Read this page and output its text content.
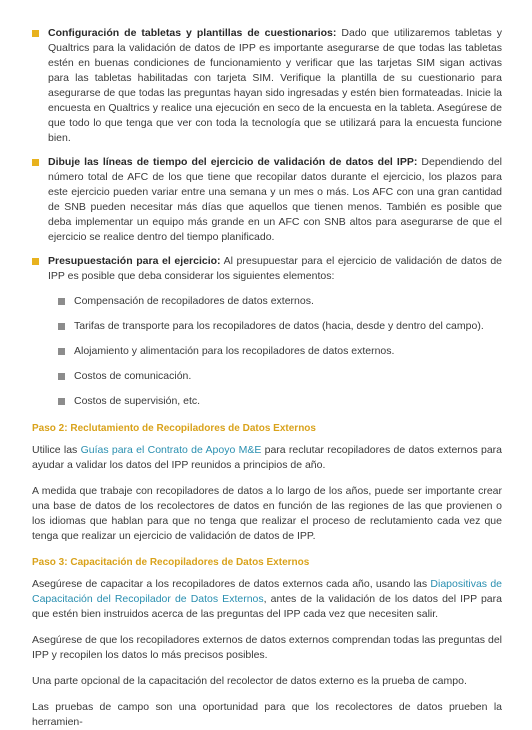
Configuración de tabletas y plantillas de cuestionarios: Dado que utilizaremos tabletas y Qualtrics para la validación de datos de IPP es importante asegurarse de que todas las tabletas estén en buenas condiciones de funcionamiento y verificar que las tarjetas SIM sigan activas para las tabletas habilitadas con tarjeta SIM. Verifique la plantilla de su cuestionario para asegurarse de que todas las preguntas hayan sido ingresadas y estén bien formateadas. Inicie la encuesta en Qualtrics y realice una ejecución en seco de la encuesta en la tableta. Asegúrese de que todo lo que tenga que ver con toda la tecnología que se utilizará para la encuesta funcione bien.
Dibuje las líneas de tiempo del ejercicio de validación de datos del IPP: Dependiendo del número total de AFC de los que tiene que recopilar datos durante el ejercicio, los plazos para este ejercicio pueden variar entre una semana y un mes o más. Los AFC con una gran cantidad de SNB pueden necesitar más días que aquellos que tienen menos. También es posible que deba implementar un equipo más grande en un AFC con SNB altos para asegurarse de que el ejercicio se realice dentro del tiempo planificado.
Presupuestación para el ejercicio: Al presupuestar para el ejercicio de validación de datos de IPP es posible que deba considerar los siguientes elementos:
Compensación de recopiladores de datos externos.
Tarifas de transporte para los recopiladores de datos (hacia, desde y dentro del campo).
Alojamiento y alimentación para los recopiladores de datos externos.
Costos de comunicación.
Costos de supervisión, etc.
Paso 2: Reclutamiento de Recopiladores de Datos Externos

Utilice las Guías para el Contrato de Apoyo M&E para reclutar recopiladores de datos externos para ayudar a validar los datos del IPP reunidos a principios de año.

A medida que trabaje con recopiladores de datos a lo largo de los años, puede ser importante crear una base de datos de los recolectores de datos en función de las regiones de las que provienen o los idiomas que hablan para que no tenga que realizar el proceso de reclutamiento cada vez que tenga que realizar un ejercicio de validación de datos de IPP.

Paso 3: Capacitación de Recopiladores de Datos Externos

Asegúrese de capacitar a los recopiladores de datos externos cada año, usando las Diapositivas de Capacitación del Recopilador de Datos Externos, antes de la validación de los datos del IPP para que estén bien instruidos acerca de las preguntas del IPP cada vez que necesiten salir.

Asegúrese de que los recopiladores externos de datos externos comprendan todas las preguntas del IPP y recopilen los datos lo más precisos posibles.

Una parte opcional de la capacitación del recolector de datos externo es la prueba de campo.

Las pruebas de campo son una oportunidad para que los recolectores de datos prueben la herramien-
